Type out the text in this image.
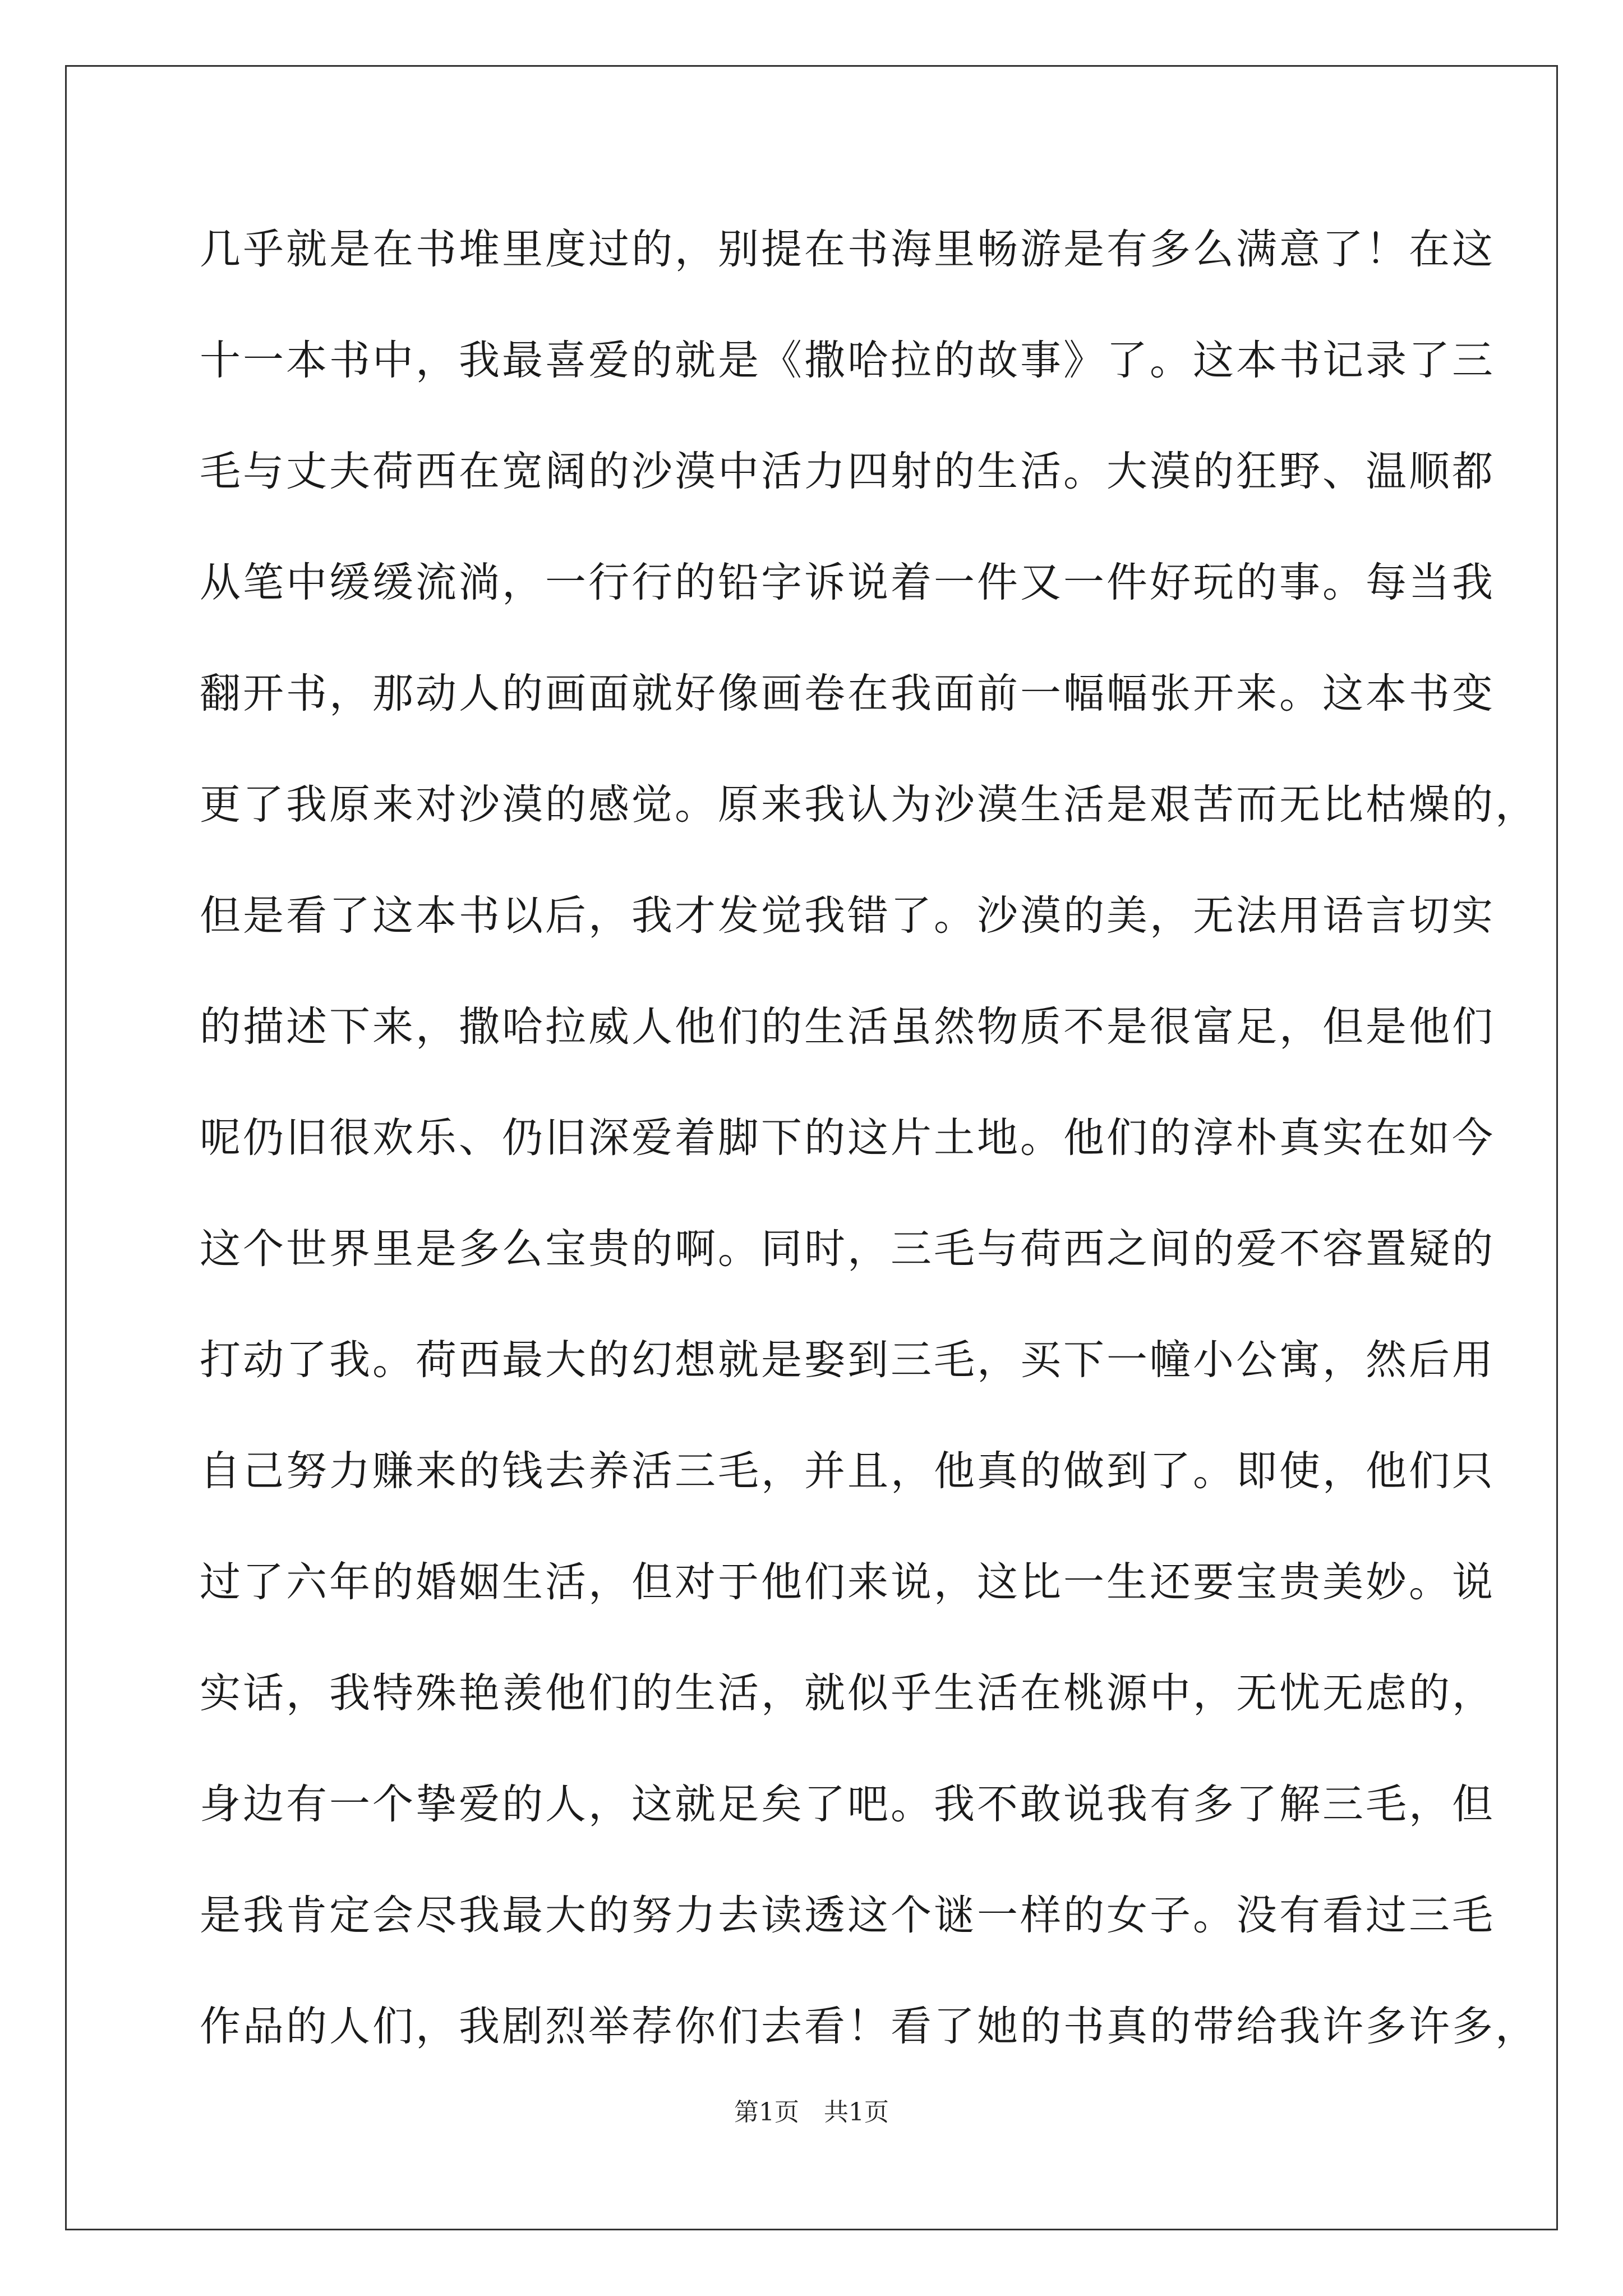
几乎就是在书堆里度过的，别提在书海里畅游是有多么满意了！在这
十一本书中，我最喜爱的就是《撒哈拉的故事》了。这本书记录了三
毛与丈夫荷西在宽阔的沙漠中活力四射的生活。大漠的狂野、温顺都
从笔中缓缓流淌，一行行的铅字诉说着一件又一件好玩的事。每当我
翻开书，那动人的画面就好像画卷在我面前一幅幅张开来。这本书变
更了我原来对沙漠的感觉。原来我认为沙漠生活是艰苦而无比枯燥的，
但是看了这本书以后，我才发觉我错了。沙漠的美，无法用语言切实
的描述下来，撒哈拉威人他们的生活虽然物质不是很富足，但是他们
呢仍旧很欢乐、仍旧深爱着脚下的这片土地。他们的淳朴真实在如今
这个世界里是多么宝贵的啊。同时，三毛与荷西之间的爱不容置疑的
打动了我。荷西最大的幻想就是娶到三毛，买下一幢小公寓，然后用
自己努力赚来的钱去养活三毛，并且，他真的做到了。即使，他们只
过了六年的婚姻生活，但对于他们来说，这比一生还要宝贵美妙。说
实话，我特殊艳羡他们的生活，就似乎生活在桃源中，无忧无虑的，
身边有一个挚爱的人，这就足矣了吧。我不敢说我有多了解三毛，但
是我肯定会尽我最大的努力去读透这个谜一样的女子。没有看过三毛
作品的人们，我剧烈举荐你们去看！看了她的书真的带给我许多许多，
第1页　共1页
